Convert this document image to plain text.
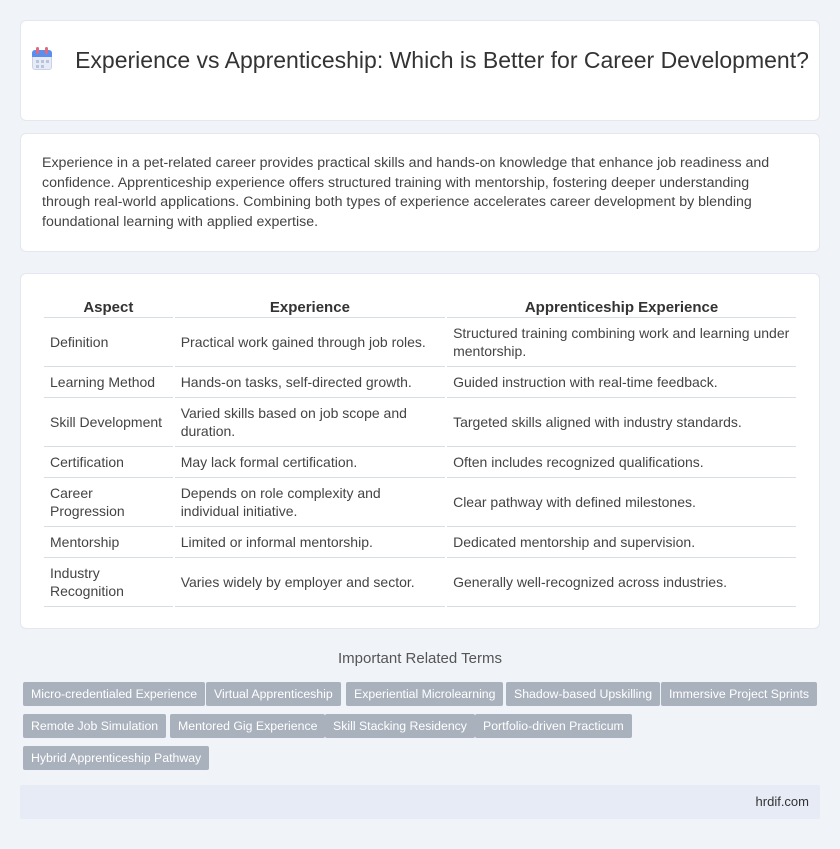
Experience vs Apprenticeship: Which is Better for Career Development?

Experience in a pet-related career provides practical skills and hands-on knowledge that enhance job readiness and confidence. Apprenticeship experience offers structured training with mentorship, fostering deeper understanding through real-world applications. Combining both types of experience accelerates career development by blending foundational learning with applied expertise.

Aspect	Experience	Apprenticeship Experience
Definition	Practical work gained through job roles.	Structured training combining work and learning under mentorship.
Learning Method	Hands-on tasks, self-directed growth.	Guided instruction with real-time feedback.
Skill Development	Varied skills based on job scope and duration.	Targeted skills aligned with industry standards.
Certification	May lack formal certification.	Often includes recognized qualifications.
Career Progression	Depends on role complexity and individual initiative.	Clear pathway with defined milestones.
Mentorship	Limited or informal mentorship.	Dedicated mentorship and supervision.
Industry Recognition	Varies widely by employer and sector.	Generally well-recognized across industries.
Important Related Terms
Micro-credentialed Experience	Virtual Apprenticeship	Experiential Microlearning	Shadow-based Upskilling	Immersive Project Sprints
Remote Job Simulation	Mentored Gig Experience	Skill Stacking Residency	Portfolio-driven Practicum
Hybrid Apprenticeship Pathway
hrdif.com
